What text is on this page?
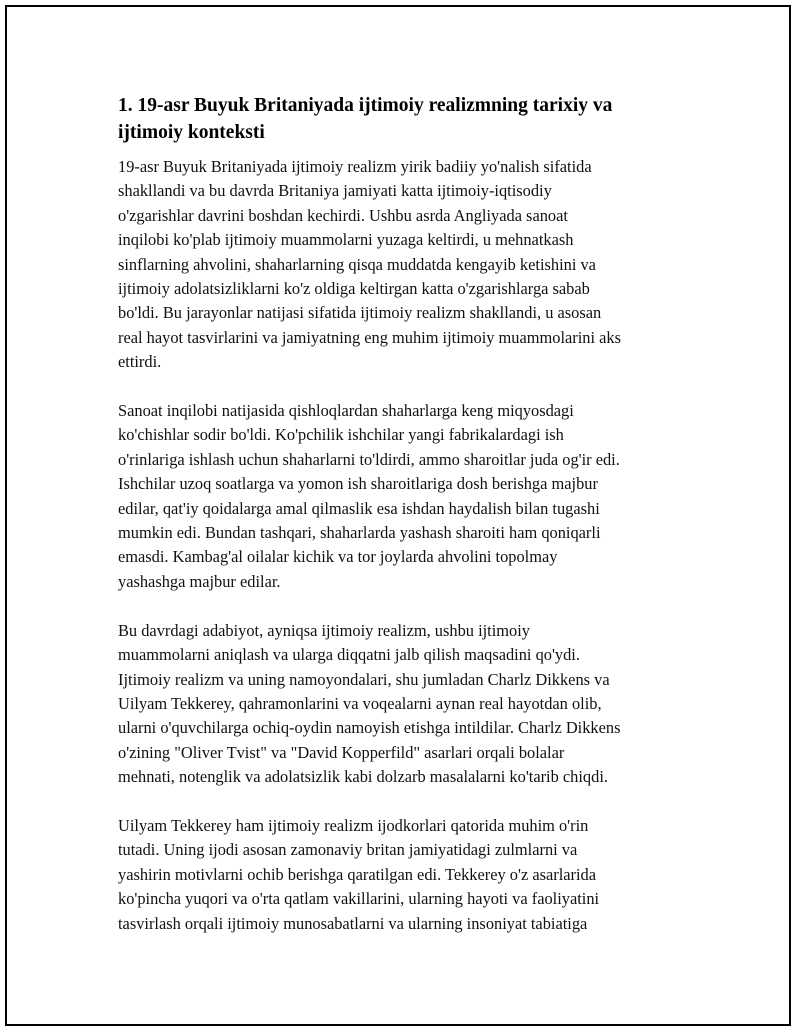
1. 19-asr Buyuk Britaniyada ijtimoiy realizmning tarixiy va
ijtimoiy konteksti

19-asr Buyuk Britaniyada ijtimoiy realizm yirik badiiy yo'nalish sifatida
shakllandi va bu davrda Britaniya jamiyati katta ijtimoiy-iqtisodiy
o'zgarishlar davrini boshdan kechirdi. Ushbu asrda Angliyada sanoat
inqilobi ko'plab ijtimoiy muammolarni yuzaga keltirdi, u mehnatkash
sinflarning ahvolini, shaharlarning qisqa muddatda kengayib ketishini va
ijtimoiy adolatsizliklarni ko'z oldiga keltirgan katta o'zgarishlarga sabab
bo'ldi. Bu jarayonlar natijasi sifatida ijtimoiy realizm shakllandi, u asosan
real hayot tasvirlarini va jamiyatning eng muhim ijtimoiy muammolarini aks
ettirdi.

Sanoat inqilobi natijasida qishloqlardan shaharlarga keng miqyosdagi
ko'chishlar sodir bo'ldi. Ko'pchilik ishchilar yangi fabrikalardagi ish
o'rinlariga ishlash uchun shaharlarni to'ldirdi, ammo sharoitlar juda og'ir edi.
Ishchilar uzoq soatlarga va yomon ish sharoitlariga dosh berishga majbur
edilar, qat'iy qoidalarga amal qilmaslik esa ishdan haydalish bilan tugashi
mumkin edi. Bundan tashqari, shaharlarda yashash sharoiti ham qoniqarli
emasdi. Kambag'al oilalar kichik va tor joylarda ahvolini topolmay
yashashga majbur edilar.

Bu davrdagi adabiyot, ayniqsa ijtimoiy realizm, ushbu ijtimoiy
muammolarni aniqlash va ularga diqqatni jalb qilish maqsadini qo'ydi.
Ijtimoiy realizm va uning namoyondalari, shu jumladan Charlz Dikkens va
Uilyam Tekkerey, qahramonlarini va voqealarni aynan real hayotdan olib,
ularni o'quvchilarga ochiq-oydin namoyish etishga intildilar. Charlz Dikkens
o'zining "Oliver Tvist" va "David Kopperfild" asarlari orqali bolalar
mehnati, notenglik va adolatsizlik kabi dolzarb masalalarni ko'tarib chiqdi.

Uilyam Tekkerey ham ijtimoiy realizm ijodkorlari qatorida muhim o'rin
tutadi. Uning ijodi asosan zamonaviy britan jamiyatidagi zulmlarni va
yashirin motivlarni ochib berishga qaratilgan edi. Tekkerey o'z asarlarida
ko'pincha yuqori va o'rta qatlam vakillarini, ularning hayoti va faoliyatini
tasvirlash orqali ijtimoiy munosabatlarni va ularning insoniyat tabiatiga
